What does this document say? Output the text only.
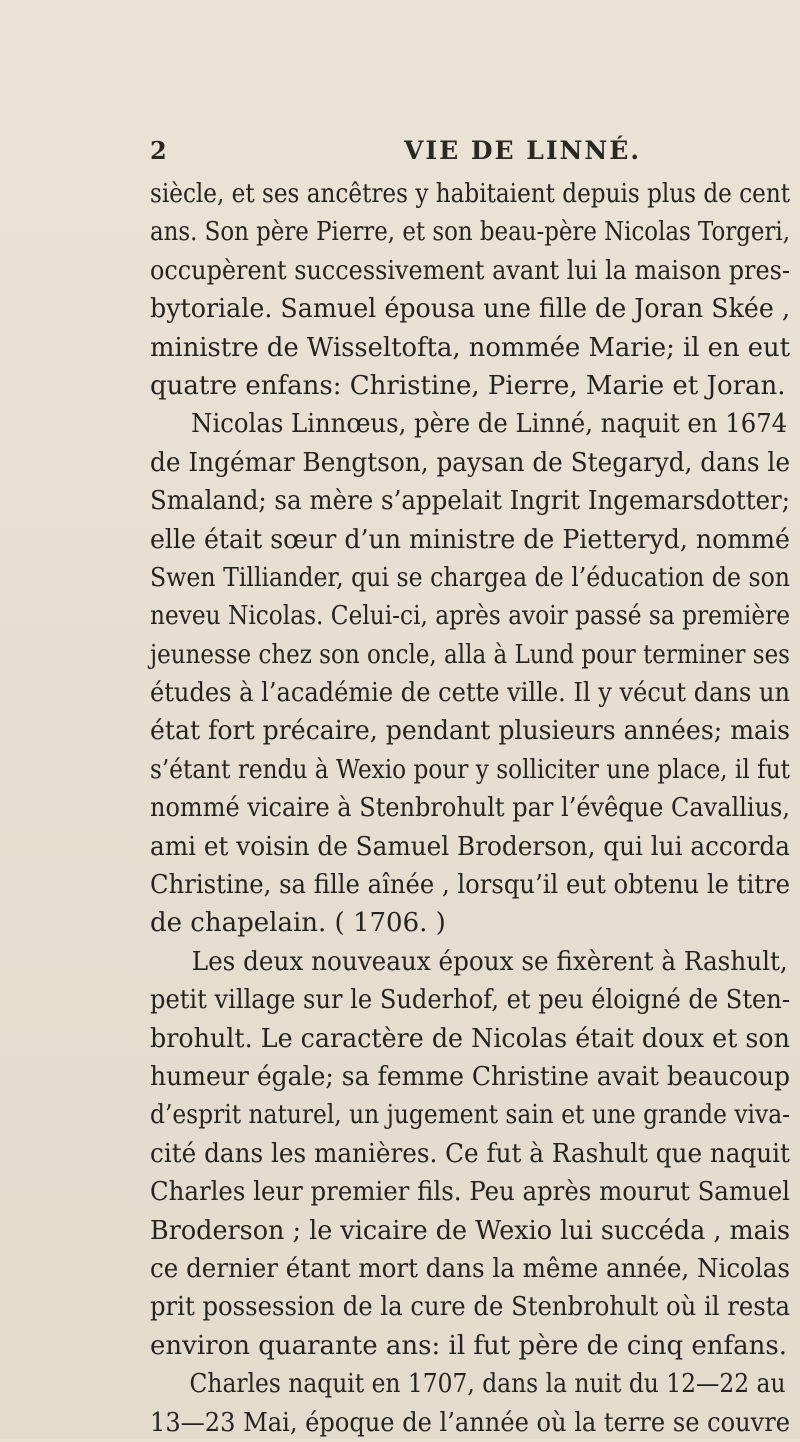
2	VIE DE LINNÉ.
siècle, et ses ancêtres y habitaient depuis plus de cent
ans. Son père Pierre, et son beau-père Nicolas Torgeri,
occupèrent successivement avant lui la maison pres-
bytoriale. Samuel épousa une fille de Joran Skée ,
ministre de Wisseltofta, nommée Marie; il en eut
quatre enfans: Christine, Pierre, Marie et Joran.
Nicolas Linnœus, père de Linné, naquit en 1674
de Ingémar Bengtson, paysan de Stegaryd, dans le
Smaland; sa mère s’appelait Ingrit Ingemarsdotter;
elle était sœur d’un ministre de Pietteryd, nommé
Swen Tilliander, qui se chargea de l’éducation de son
neveu Nicolas. Celui-ci, après avoir passé sa première
jeunesse chez son oncle, alla à Lund pour terminer ses
études à l’académie de cette ville. Il y vécut dans un
état fort précaire, pendant plusieurs années; mais
s’étant rendu à Wexio pour y solliciter une place, il fut
nommé vicaire à Stenbrohult par l’évêque Cavallius,
ami et voisin de Samuel Broderson, qui lui accorda
Christine, sa fille aînée , lorsqu’il eut obtenu le titre
de chapelain. ( 1706. )
Les deux nouveaux époux se fixèrent à Rashult,
petit village sur le Suderhof, et peu éloigné de Sten-
brohult. Le caractère de Nicolas était doux et son
humeur égale; sa femme Christine avait beaucoup
d’esprit naturel, un jugement sain et une grande viva-
cité dans les manières. Ce fut à Rashult que naquit
Charles leur premier fils. Peu après mourut Samuel
Broderson ; le vicaire de Wexio lui succéda , mais
ce dernier étant mort dans la même année, Nicolas
prit possession de la cure de Stenbrohult où il resta
environ quarante ans: il fut père de cinq enfans.
Charles naquit en 1707, dans la nuit du 12—22 au
13—23 Mai, époque de l’année où la terre se couvre
